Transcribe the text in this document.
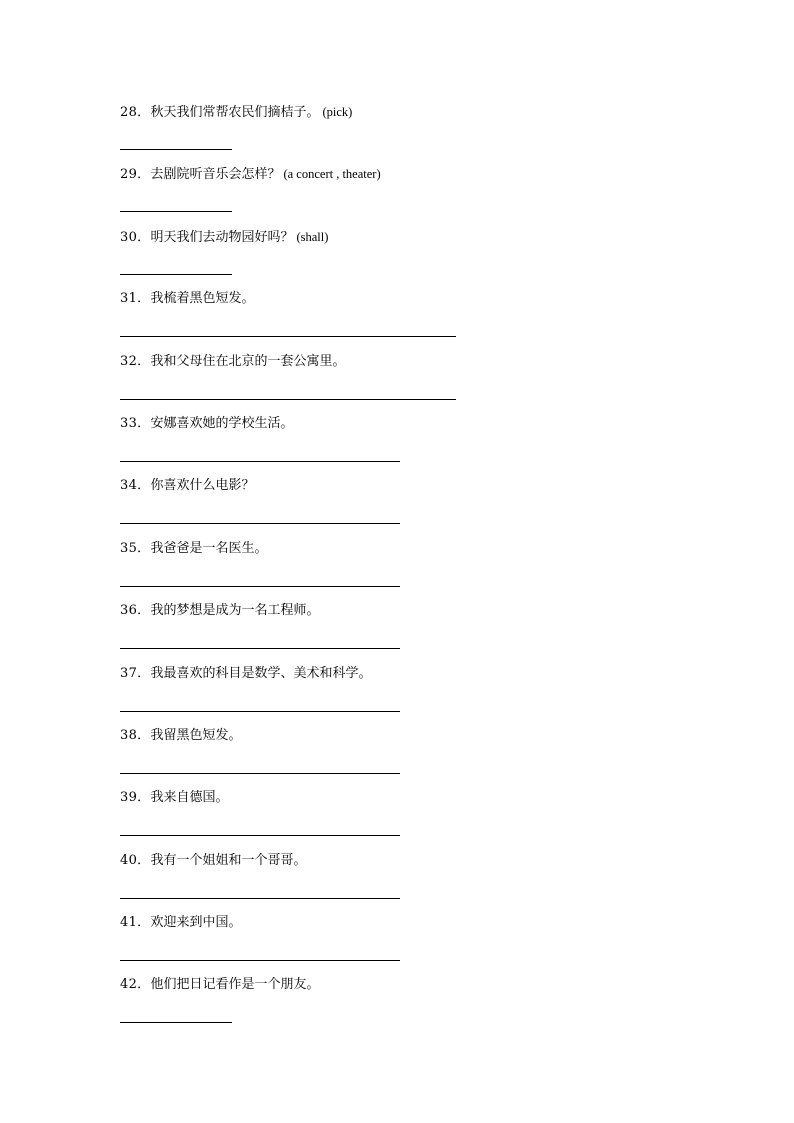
28．秋天我们常帮农民们摘桔子。 (pick)
29．去剧院听音乐会怎样？ (a concert , theater)
30．明天我们去动物园好吗？ (shall)
31．我梳着黑色短发。
32．我和父母住在北京的一套公寓里。
33．安娜喜欢她的学校生活。
34．你喜欢什么电影？
35．我爸爸是一名医生。
36．我的梦想是成为一名工程师。
37．我最喜欢的科目是数学、美术和科学。
38．我留黑色短发。
39．我来自德国。
40．我有一个姐姐和一个哥哥。
41．欢迎来到中国。
42．他们把日记看作是一个朋友。
